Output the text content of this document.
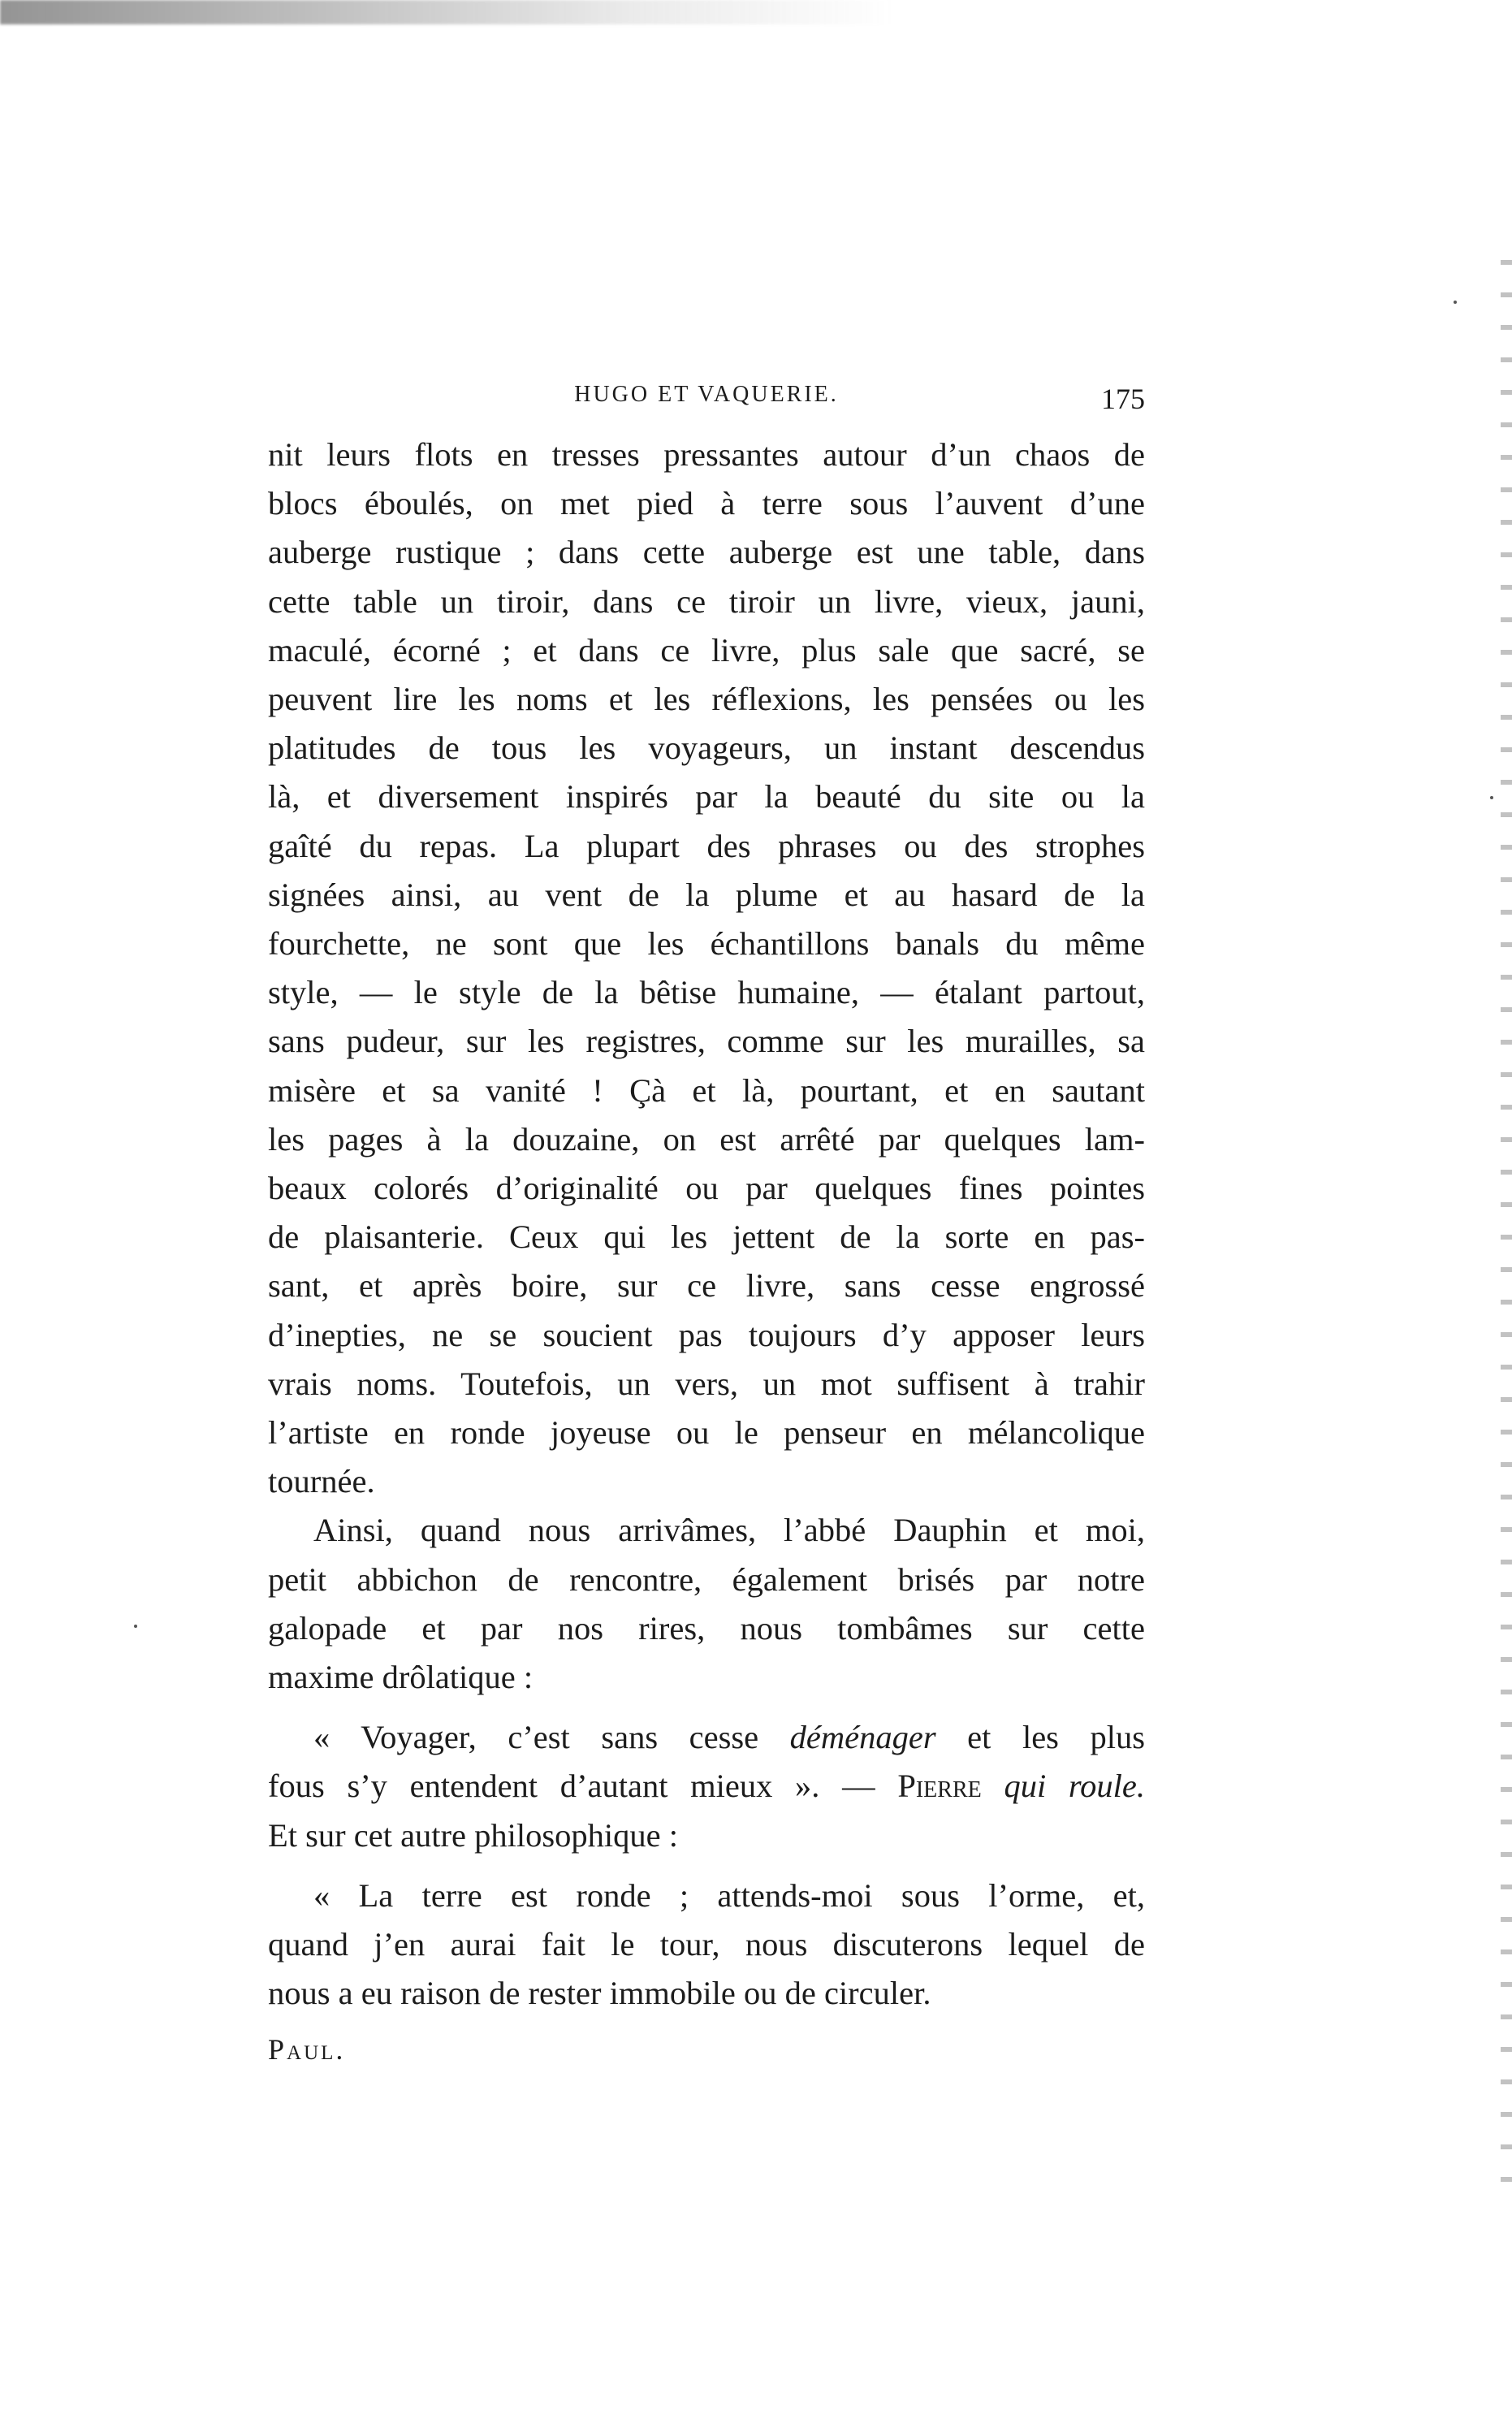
HUGO ET VAQUERIE.	175
nit leurs flots en tresses pressantes autour d’un chaos de
blocs éboulés, on met pied à terre sous l’auvent d’une
auberge rustique ; dans cette auberge est une table, dans
cette table un tiroir, dans ce tiroir un livre, vieux, jauni,
maculé, écorné ; et dans ce livre, plus sale que sacré, se
peuvent lire les noms et les réflexions, les pensées ou les
platitudes de tous les voyageurs, un instant descendus
là, et diversement inspirés par la beauté du site ou la
gaîté du repas. La plupart des phrases ou des strophes
signées ainsi, au vent de la plume et au hasard de la
fourchette, ne sont que les échantillons banals du même
style, — le style de la bêtise humaine, — étalant partout,
sans pudeur, sur les registres, comme sur les murailles, sa
misère et sa vanité ! Çà et là, pourtant, et en sautant
les pages à la douzaine, on est arrêté par quelques lam-
beaux colorés d’originalité ou par quelques fines pointes
de plaisanterie. Ceux qui les jettent de la sorte en pas-
sant, et après boire, sur ce livre, sans cesse engrossé
d’inepties, ne se soucient pas toujours d’y apposer leurs
vrais noms. Toutefois, un vers, un mot suffisent à trahir
l’artiste en ronde joyeuse ou le penseur en mélancolique
tournée.
Ainsi, quand nous arrivâmes, l’abbé Dauphin et moi,
petit abbichon de rencontre, également brisés par notre
galopade et par nos rires, nous tombâmes sur cette
maxime drôlatique :
« Voyager, c’est sans cesse déménager et les plus
fous s’y entendent d’autant mieux ». — Pierre qui roule.
Et sur cet autre philosophique :
« La terre est ronde ; attends-moi sous l’orme, et,
quand j’en aurai fait le tour, nous discuterons lequel de
nous a eu raison de rester immobile ou de circuler.
Paul.
